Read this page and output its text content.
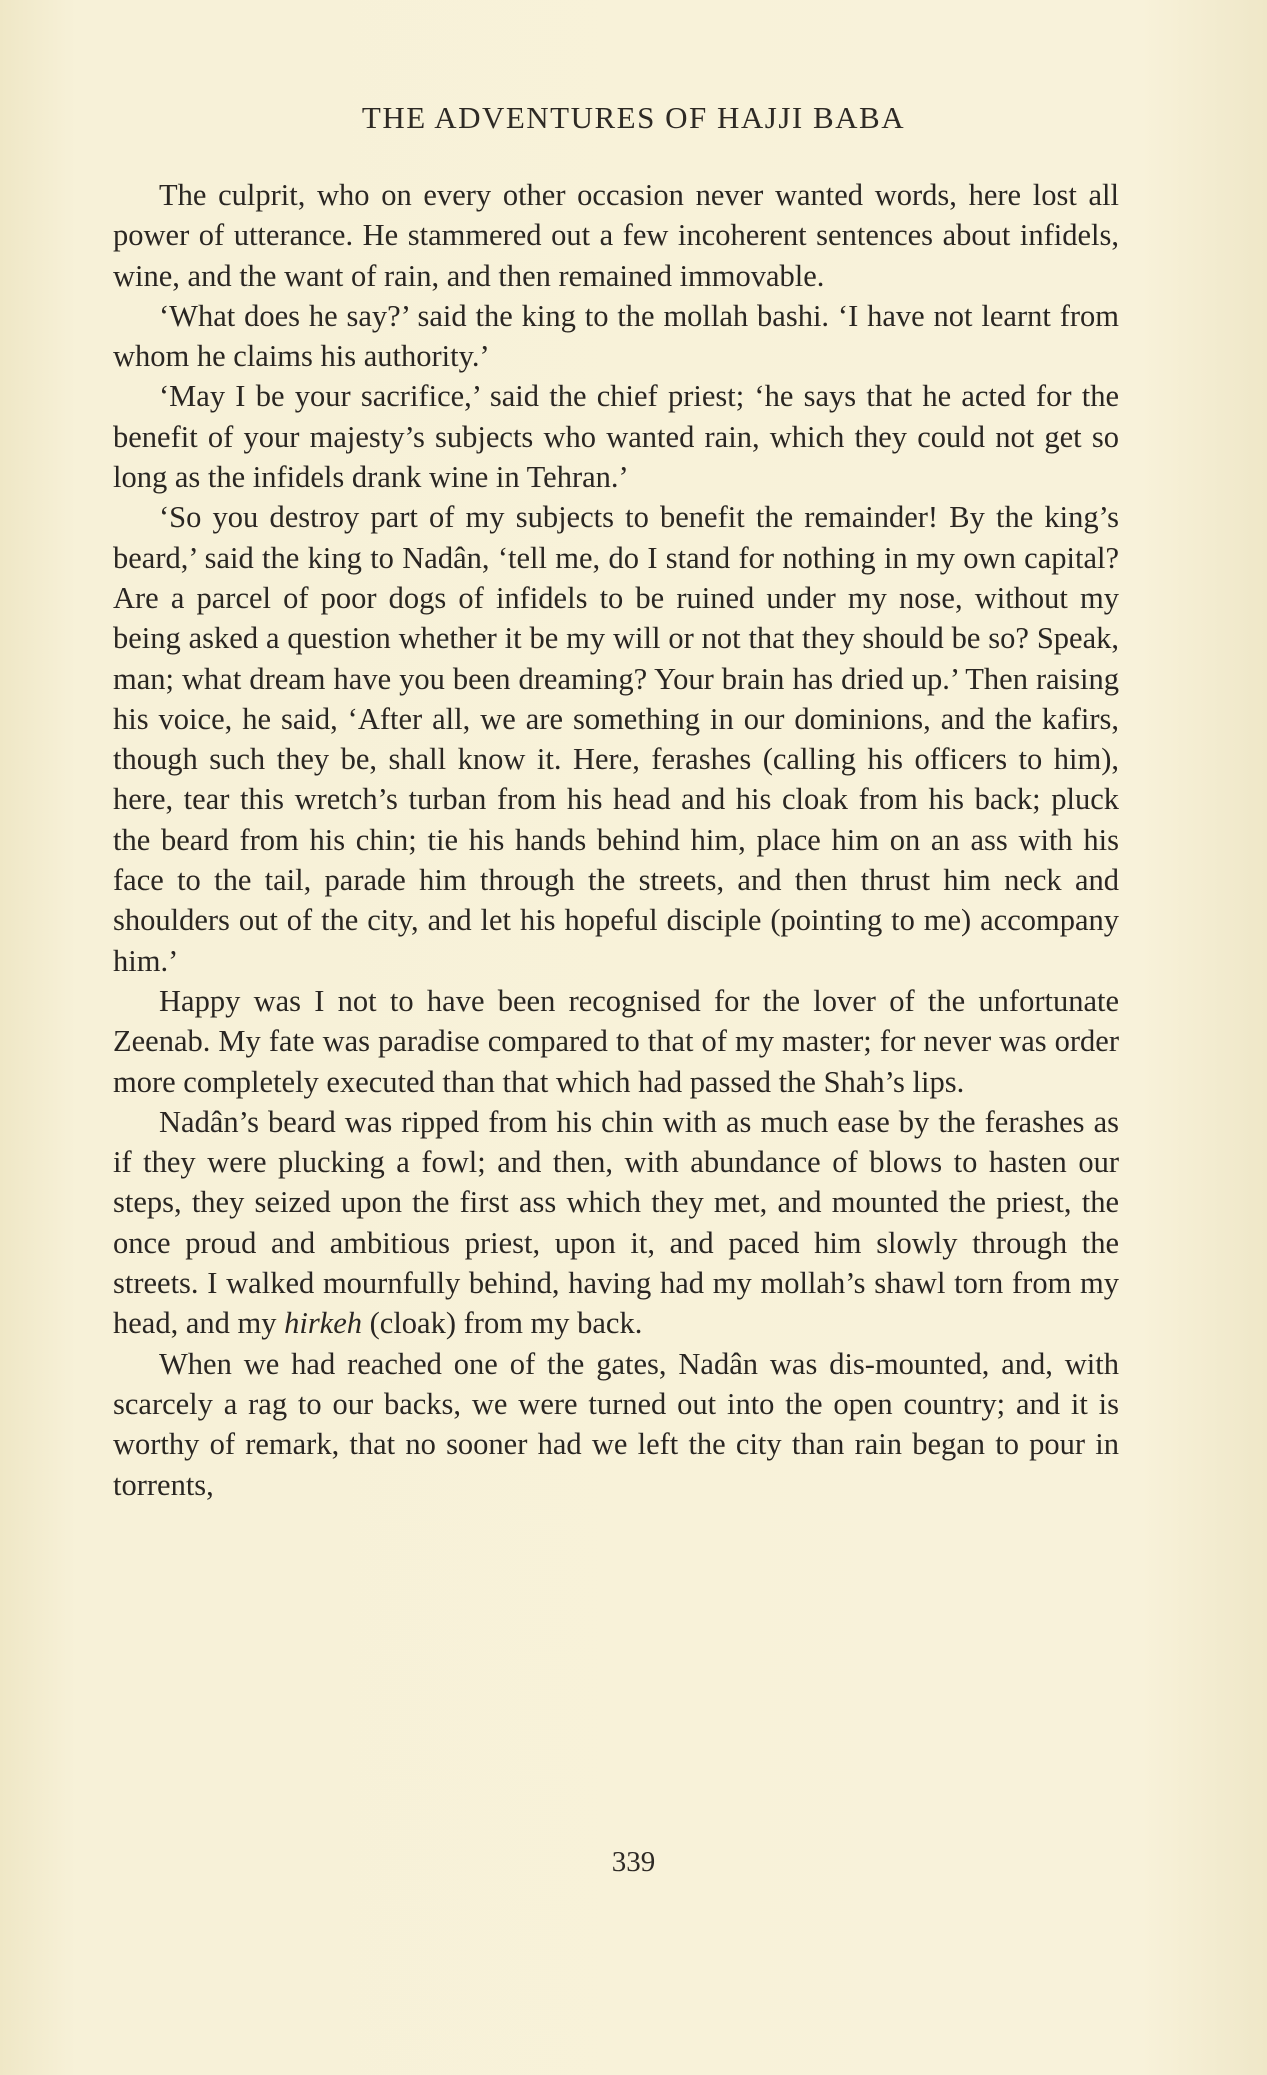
THE ADVENTURES OF HAJJI BABA

The culprit, who on every other occasion never wanted words, here lost all power of utterance. He stammered out a few incoherent sentences about infidels, wine, and the want of rain, and then remained immovable.

‘What does he say?’ said the king to the mollah bashi. ‘I have not learnt from whom he claims his authority.’

‘May I be your sacrifice,’ said the chief priest; ‘he says that he acted for the benefit of your majesty’s subjects who wanted rain, which they could not get so long as the infidels drank wine in Tehran.’

‘So you destroy part of my subjects to benefit the remainder! By the king’s beard,’ said the king to Nadân, ‘tell me, do I stand for nothing in my own capital? Are a parcel of poor dogs of infidels to be ruined under my nose, without my being asked a question whether it be my will or not that they should be so? Speak, man; what dream have you been dreaming? Your brain has dried up.’ Then raising his voice, he said, ‘After all, we are something in our dominions, and the kafirs, though such they be, shall know it. Here, ferashes (calling his officers to him), here, tear this wretch’s turban from his head and his cloak from his back; pluck the beard from his chin; tie his hands behind him, place him on an ass with his face to the tail, parade him through the streets, and then thrust him neck and shoulders out of the city, and let his hopeful disciple (pointing to me) accompany him.’

Happy was I not to have been recognised for the lover of the unfortunate Zeenab. My fate was paradise compared to that of my master; for never was order more completely executed than that which had passed the Shah’s lips.

Nadân’s beard was ripped from his chin with as much ease by the ferashes as if they were plucking a fowl; and then, with abundance of blows to hasten our steps, they seized upon the first ass which they met, and mounted the priest, the once proud and ambitious priest, upon it, and paced him slowly through the streets. I walked mournfully behind, having had my mollah’s shawl torn from my head, and my hirkeh (cloak) from my back.

When we had reached one of the gates, Nadân was dis-mounted, and, with scarcely a rag to our backs, we were turned out into the open country; and it is worthy of remark, that no sooner had we left the city than rain began to pour in torrents,

339
